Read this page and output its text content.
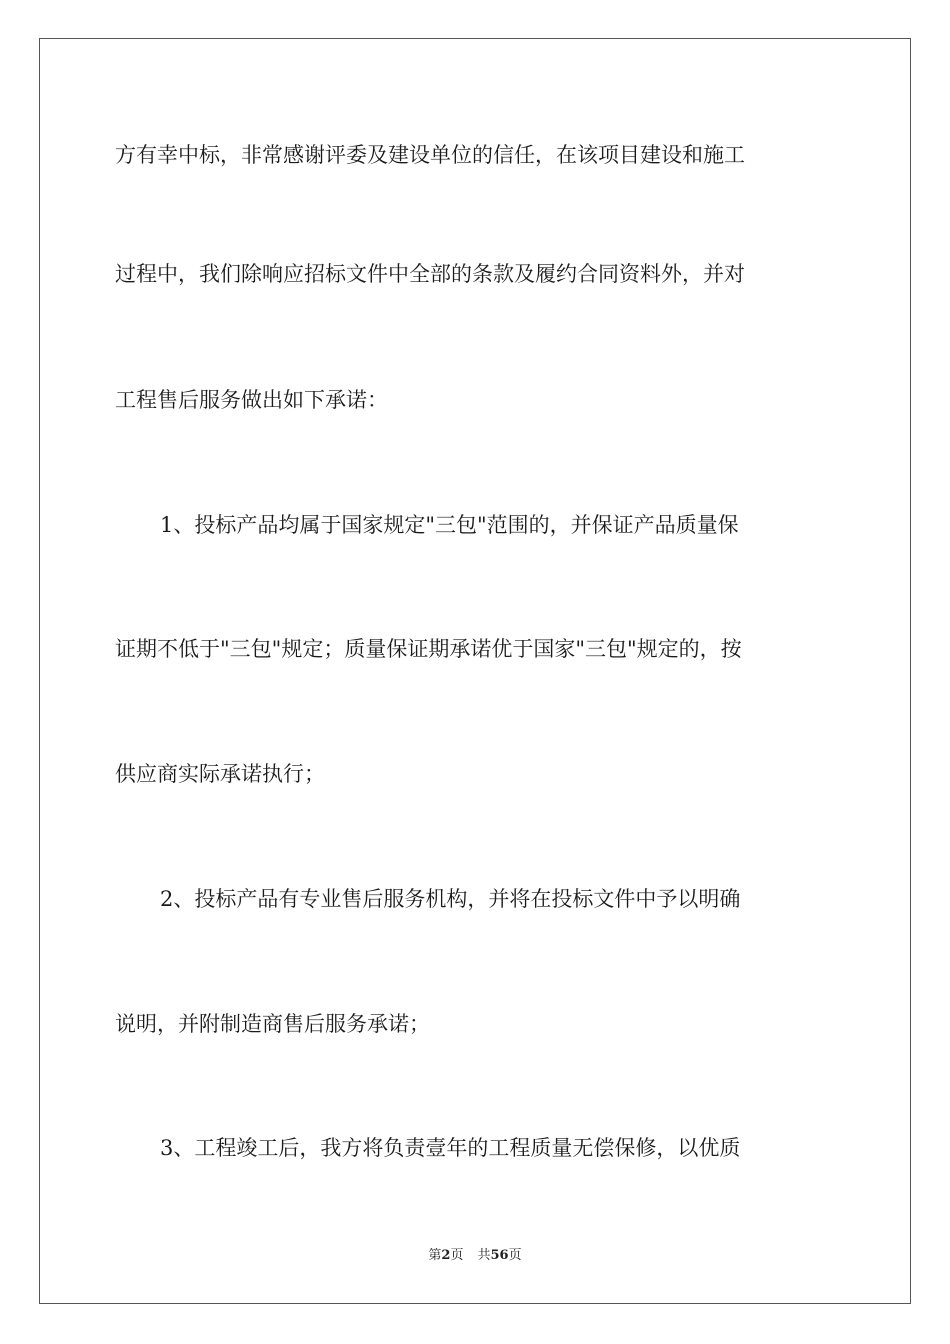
方有幸中标，非常感谢评委及建设单位的信任，在该项目建设和施工
过程中，我们除响应招标文件中全部的条款及履约合同资料外，并对
工程售后服务做出如下承诺：
1、投标产品均属于国家规定"三包"范围的，并保证产品质量保
证期不低于"三包"规定；质量保证期承诺优于国家"三包"规定的，按
供应商实际承诺执行；
2、投标产品有专业售后服务机构，并将在投标文件中予以明确
说明，并附制造商售后服务承诺；
3、工程竣工后，我方将负责壹年的工程质量无偿保修，以优质
第2页 共56页
